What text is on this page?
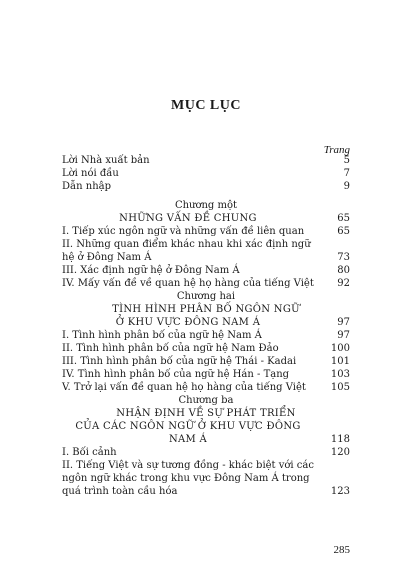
MỤC LỤC
Trang
Lời Nhà xuất bản	5
Lời nói đầu	7
Dẫn nhập	9
Chương một
NHỮNG VẤN ĐỀ CHUNG	65
I. Tiếp xúc ngôn ngữ và những vấn đề liên quan	65
II. Những quan điểm khác nhau khi xác định ngữ hệ ở Đông Nam Á	73
III. Xác định ngữ hệ ở Đông Nam Á	80
IV. Mấy vấn đề về quan hệ họ hàng của tiếng Việt	92
Chương hai
TÌNH HÌNH PHÂN BỐ NGÔN NGỮ
Ở KHU VỰC ĐÔNG NAM Á	97
I. Tình hình phân bố của ngữ hệ Nam Á	97
II. Tình hình phân bố của ngữ hệ Nam Đảo	100
III. Tình hình phân bố của ngữ hệ Thái - Kadai	101
IV. Tình hình phân bố của ngữ hệ Hán - Tạng	103
V. Trở lại vấn đề quan hệ họ hàng của tiếng Việt	105
Chương ba
NHẬN ĐỊNH VỀ SỰ PHÁT TRIỂN
CỦA CÁC NGÔN NGỮ Ở KHU VỰC ĐÔNG NAM Á	118
I. Bối cảnh	120
II. Tiếng Việt và sự tương đồng - khác biệt với các ngôn ngữ khác trong khu vực Đông Nam Á trong quá trình toàn cầu hóa	123
285
